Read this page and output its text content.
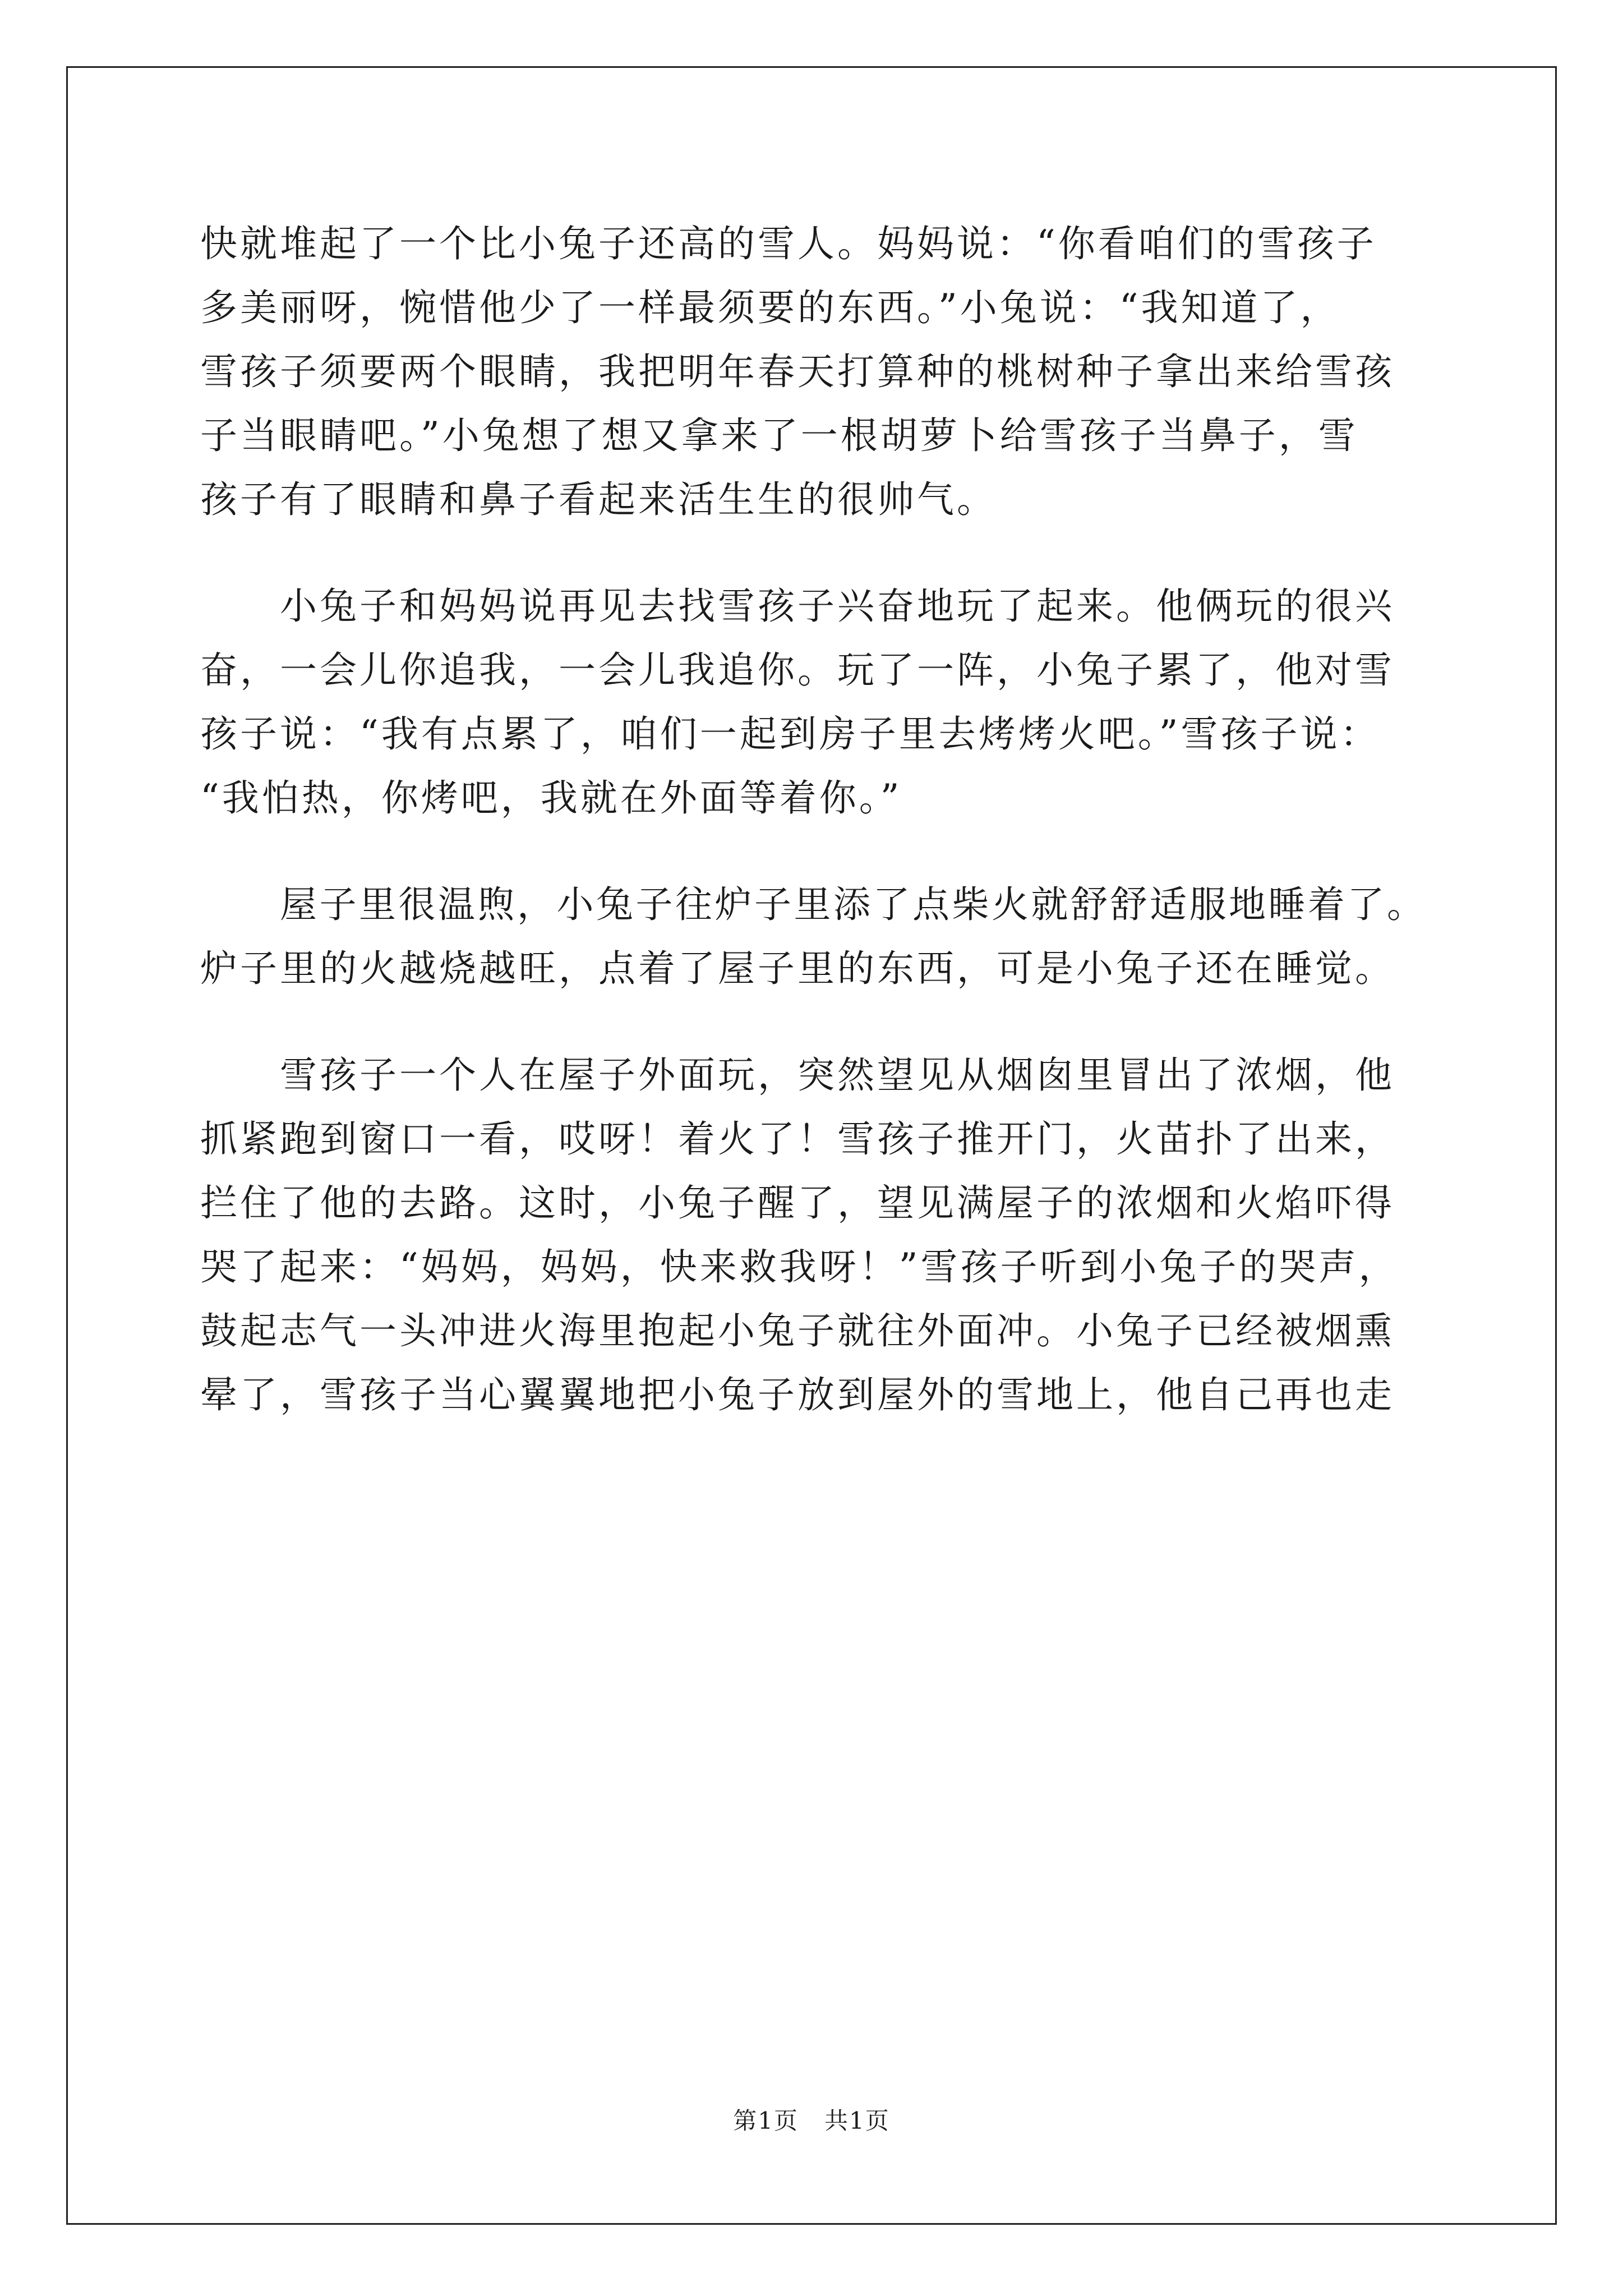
快就堆起了一个比小兔子还高的雪人。妈妈说：“你看咱们的雪孩子

多美丽呀，惋惜他少了一样最须要的东西。”小兔说：“我知道了，

雪孩子须要两个眼睛，我把明年春天打算种的桃树种子拿出来给雪孩

子当眼睛吧。”小兔想了想又拿来了一根胡萝卜给雪孩子当鼻子，雪

孩子有了眼睛和鼻子看起来活生生的很帅气。

小兔子和妈妈说再见去找雪孩子兴奋地玩了起来。他俩玩的很兴

奋，一会儿你追我，一会儿我追你。玩了一阵，小兔子累了，他对雪

孩子说：“我有点累了，咱们一起到房子里去烤烤火吧。”雪孩子说：

“我怕热，你烤吧，我就在外面等着你。”

屋子里很温煦，小兔子往炉子里添了点柴火就舒舒适服地睡着了。

炉子里的火越烧越旺，点着了屋子里的东西，可是小兔子还在睡觉。

雪孩子一个人在屋子外面玩，突然望见从烟囱里冒出了浓烟，他

抓紧跑到窗口一看，哎呀！着火了！雪孩子推开门，火苗扑了出来，

拦住了他的去路。这时，小兔子醒了，望见满屋子的浓烟和火焰吓得

哭了起来：“妈妈，妈妈，快来救我呀！”雪孩子听到小兔子的哭声，

鼓起志气一头冲进火海里抱起小兔子就往外面冲。小兔子已经被烟熏

晕了，雪孩子当心翼翼地把小兔子放到屋外的雪地上，他自己再也走

第1页   共1页
